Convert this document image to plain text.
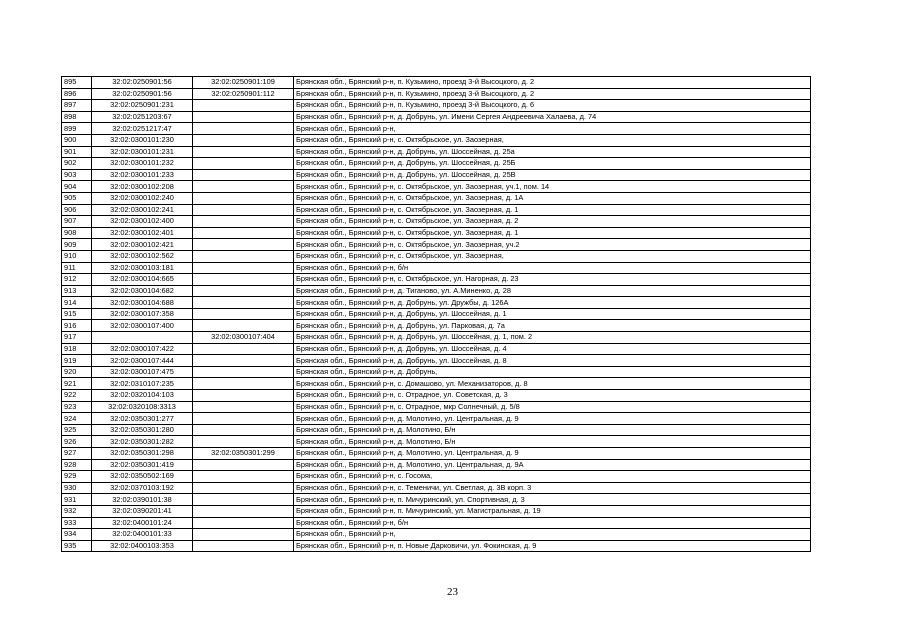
895	32:02:0250901:56	32:02:0250901:109	Брянская обл., Брянский р-н, п. Кузьмино, проезд 3-й Высоцкого, д. 2
896	32:02:0250901:56	32:02:0250901:112	Брянская обл., Брянский р-н, п. Кузьмино, проезд 3-й Высоцкого, д. 2
897	32:02:0250901:231		Брянская обл., Брянский р-н, п. Кузьмино, проезд 3-й Высоцкого, д. 6
898	32:02:0251203:67		Брянская обл., Брянский р-н, д. Добрунь, ул. Имени Сергея Андреевича Халаева, д. 74
899	32:02:0251217:47		Брянская обл., Брянский р-н,
900	32:02:0300101:230		Брянская обл., Брянский р-н, с. Октябрьское, ул. Заозерная,
901	32:02:0300101:231		Брянская обл., Брянский р-н, д. Добрунь, ул. Шоссейная, д. 25а
902	32:02:0300101:232		Брянская обл., Брянский р-н, д. Добрунь, ул. Шоссейная, д. 25Б
903	32:02:0300101:233		Брянская обл., Брянский р-н, д. Добрунь, ул. Шоссейная, д. 25В
904	32:02:0300102:208		Брянская обл., Брянский р-н, с. Октябрьское, ул. Заозерная, уч.1, пом. 14
905	32:02:0300102:240		Брянская обл., Брянский р-н, с. Октябрьское, ул. Заозерная, д. 1А
906	32:02:0300102:241		Брянская обл., Брянский р-н, с. Октябрьское, ул. Заозерная, д. 1
907	32:02:0300102:400		Брянская обл., Брянский р-н, с. Октябрьское, ул. Заозерная, д. 2
908	32:02:0300102:401		Брянская обл., Брянский р-н, с. Октябрьское, ул. Заозерная, д. 1
909	32:02:0300102:421		Брянская обл., Брянский р-н, с. Октябрьское, ул. Заозерная, уч.2
910	32:02:0300102:562		Брянская обл., Брянский р-н, с. Октябрьское, ул. Заозерная,
911	32:02:0300103:181		Брянская обл., Брянский р-н, б/н
912	32:02:0300104:665		Брянская обл., Брянский р-н, с. Октябрьское, ул. Нагорная, д. 23
913	32:02:0300104:682		Брянская обл., Брянский р-н, д. Тиганово, ул. А.Миненко, д. 28
914	32:02:0300104:688		Брянская обл., Брянский р-н, д. Добрунь, ул. Дружбы, д. 126А
915	32:02:0300107:358		Брянская обл., Брянский р-н, д. Добрунь, ул. Шоссейная, д. 1
916	32:02:0300107:400		Брянская обл., Брянский р-н, д. Добрунь, ул. Парковая, д. 7а
917		32:02:0300107:404	Брянская обл., Брянский р-н, д. Добрунь, ул. Шоссейная, д. 1, пом. 2
918	32:02:0300107:422		Брянская обл., Брянский р-н, д. Добрунь, ул. Шоссейная, д. 4
919	32:02:0300107:444		Брянская обл., Брянский р-н, д. Добрунь, ул. Шоссейная, д. 8
920	32:02:0300107:475		Брянская обл., Брянский р-н, д. Добрунь,
921	32:02:0310107:235		Брянская обл., Брянский р-н, с. Домашово, ул. Механизаторов, д. 8
922	32:02:0320104:103		Брянская обл., Брянский р-н, с. Отрадное, ул. Советская, д. 3
923	32:02:0320108:3313		Брянская обл., Брянский р-н, с. Отрадное, мкр Солнечный, д. 5/8
924	32:02:0350301:277		Брянская обл., Брянский р-н, д. Молотино, ул. Центральная, д. 9
925	32:02:0350301:280		Брянская обл., Брянский р-н, д. Молотино, Б/н
926	32:02:0350301:282		Брянская обл., Брянский р-н, д. Молотино, Б/н
927	32:02:0350301:298	32:02:0350301:299	Брянская обл., Брянский р-н, д. Молотино, ул. Центральная, д. 9
928	32:02:0350301:419		Брянская обл., Брянский р-н, д. Молотино, ул. Центральная, д. 9А
929	32:02:0350502:169		Брянская обл., Брянский р-н, с. Госома,
930	32:02:0370103:192		Брянская обл., Брянский р-н, с. Теменичи, ул. Светлая, д. 3В корп. 3
931	32:02:0390101:38		Брянская обл., Брянский р-н, п. Мичуринский, ул. Спортивная, д. 3
932	32:02:0390201:41		Брянская обл., Брянский р-н, п. Мичуринский, ул. Магистральная, д. 19
933	32:02:0400101:24		Брянская обл., Брянский р-н, б/н
934	32:02:0400101:33		Брянская обл., Брянский р-н,
935	32:02:0400103:353		Брянская обл., Брянский р-н, п. Новые Дарковичи, ул. Фокинская, д. 9
23
